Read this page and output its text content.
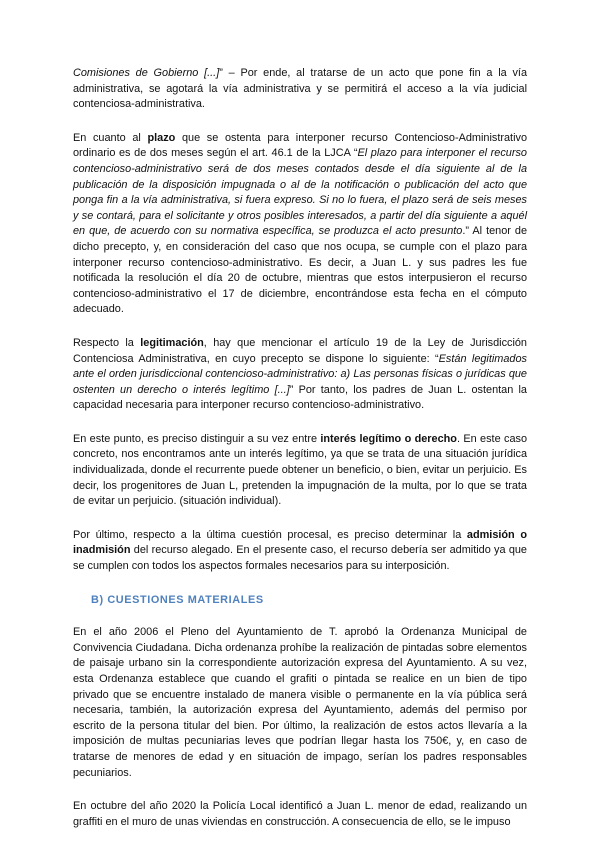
Comisiones de Gobierno [...]” – Por ende, al tratarse de un acto que pone fin a la vía administrativa, se agotará la vía administrativa y se permitirá el acceso a la vía judicial contenciosa-administrativa.

En cuanto al plazo que se ostenta para interponer recurso Contencioso-Administrativo ordinario es de dos meses según el art. 46.1 de la LJCA “El plazo para interponer el recurso contencioso-administrativo será de dos meses contados desde el día siguiente al de la publicación de la disposición impugnada o al de la notificación o publicación del acto que ponga fin a la vía administrativa, si fuera expreso. Si no lo fuera, el plazo será de seis meses y se contará, para el solicitante y otros posibles interesados, a partir del día siguiente a aquél en que, de acuerdo con su normativa específica, se produzca el acto presunto.” Al tenor de dicho precepto, y, en consideración del caso que nos ocupa, se cumple con el plazo para interponer recurso contencioso-administrativo. Es decir, a Juan L. y sus padres les fue notificada la resolución el día 20 de octubre, mientras que estos interpusieron el recurso contencioso-administrativo el 17 de diciembre, encontrándose esta fecha en el cómputo adecuado.

Respecto la legitimación, hay que mencionar el artículo 19 de la Ley de Jurisdicción Contenciosa Administrativa, en cuyo precepto se dispone lo siguiente: “Están legitimados ante el orden jurisdiccional contencioso-administrativo: a) Las personas físicas o jurídicas que ostenten un derecho o interés legítimo [...]” Por tanto, los padres de Juan L. ostentan la capacidad necesaria para interponer recurso contencioso-administrativo.

En este punto, es preciso distinguir a su vez entre interés legítimo o derecho. En este caso concreto, nos encontramos ante un interés legítimo, ya que se trata de una situación jurídica individualizada, donde el recurrente puede obtener un beneficio, o bien, evitar un perjuicio. Es decir, los progenitores de Juan L, pretenden la impugnación de la multa, por lo que se trata de evitar un perjuicio. (situación individual).

Por último, respecto a la última cuestión procesal, es preciso determinar la admisión o inadmisión del recurso alegado. En el presente caso, el recurso debería ser admitido ya que se cumplen con todos los aspectos formales necesarios para su interposición.

B) CUESTIONES MATERIALES

En el año 2006 el Pleno del Ayuntamiento de T. aprobó la Ordenanza Municipal de Convivencia Ciudadana. Dicha ordenanza prohíbe la realización de pintadas sobre elementos de paisaje urbano sin la correspondiente autorización expresa del Ayuntamiento. A su vez, esta Ordenanza establece que cuando el grafiti o pintada se realice en un bien de tipo privado que se encuentre instalado de manera visible o permanente en la vía pública será necesaria, también, la autorización expresa del Ayuntamiento, además del permiso por escrito de la persona titular del bien. Por último, la realización de estos actos llevaría a la imposición de multas pecuniarias leves que podrían llegar hasta los 750€, y, en caso de tratarse de menores de edad y en situación de impago, serían los padres responsables pecuniarios.

En octubre del año 2020 la Policía Local identificó a Juan L. menor de edad, realizando un graffiti en el muro de unas viviendas en construcción. A consecuencia de ello, se le impuso
